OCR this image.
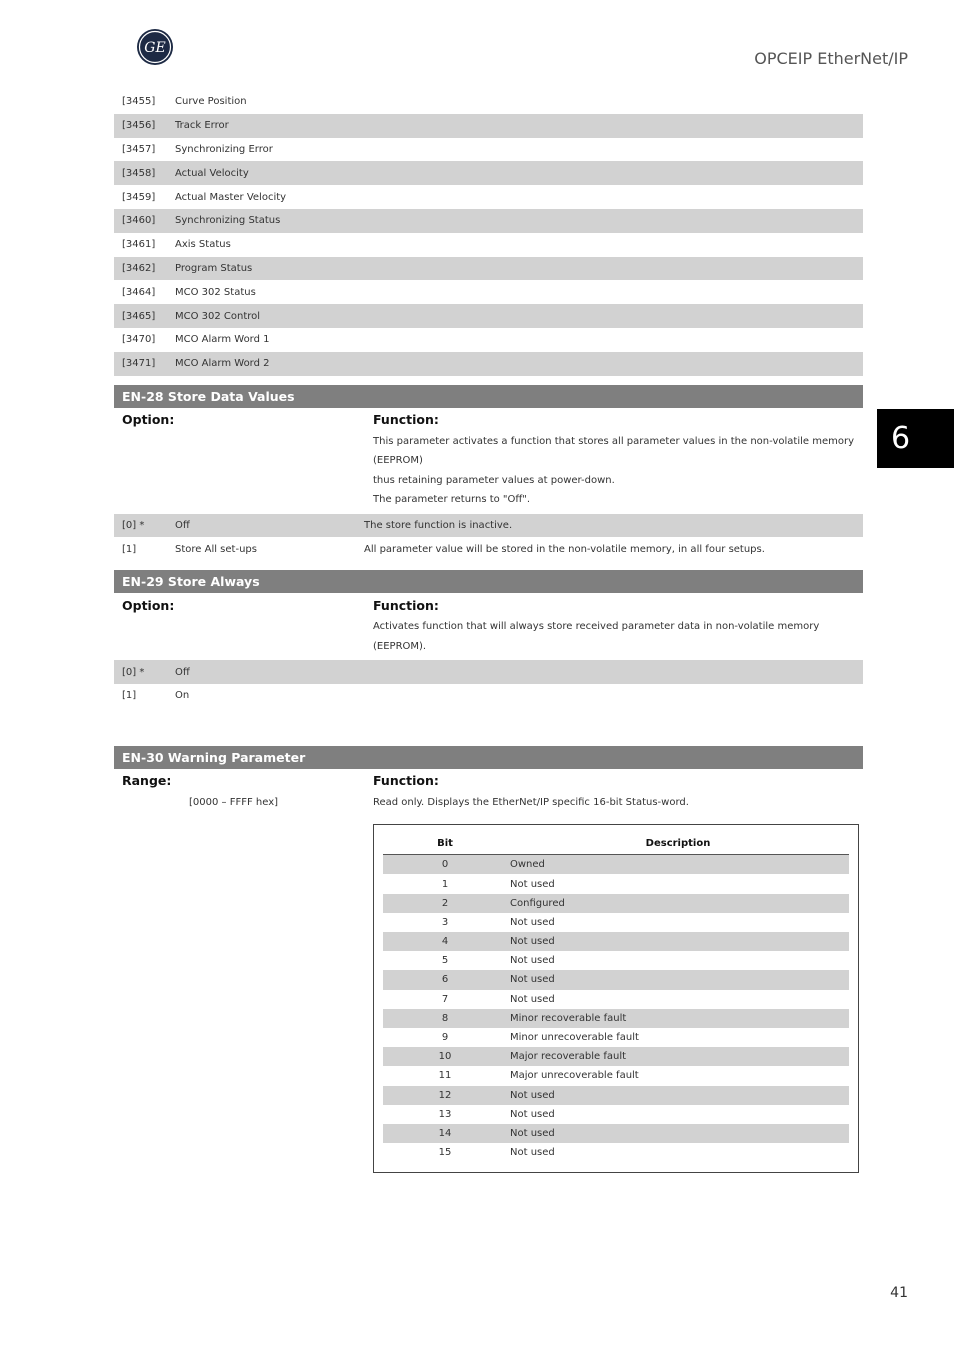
GE
OPCEIP EtherNet/IP
6
41
[3455]	Curve Position
[3456]	Track Error
[3457]	Synchronizing Error
[3458]	Actual Velocity
[3459]	Actual Master Velocity
[3460]	Synchronizing Status
[3461]	Axis Status
[3462]	Program Status
[3464]	MCO 302 Status
[3465]	MCO 302 Control
[3470]	MCO Alarm Word 1
[3471]	MCO Alarm Word 2
EN-28 Store Data Values
Option:	Function:

This parameter activates a function that stores all parameter values in the non-volatile memory (EEPROM)

thus retaining parameter values at power-down.

The parameter returns to "Off".

[0] *	Off	The store function is inactive.
[1]	Store All set-ups	All parameter value will be stored in the non-volatile memory, in all four setups.
EN-29 Store Always
Option:	Function:

Activates function that will always store received parameter data in non-volatile memory (EEPROM).

[0] *	Off
[1]	On
EN-30 Warning Parameter
Range:	Function:
[0000 – FFFF hex]	Read only. Displays the EtherNet/IP specific 16-bit Status-word.

Bit	Description
0	Owned
1	Not used
2	Configured
3	Not used
4	Not used
5	Not used
6	Not used
7	Not used
8	Minor recoverable fault
9	Minor unrecoverable fault
10	Major recoverable fault
11	Major unrecoverable fault
12	Not used
13	Not used
14	Not used
15	Not used
